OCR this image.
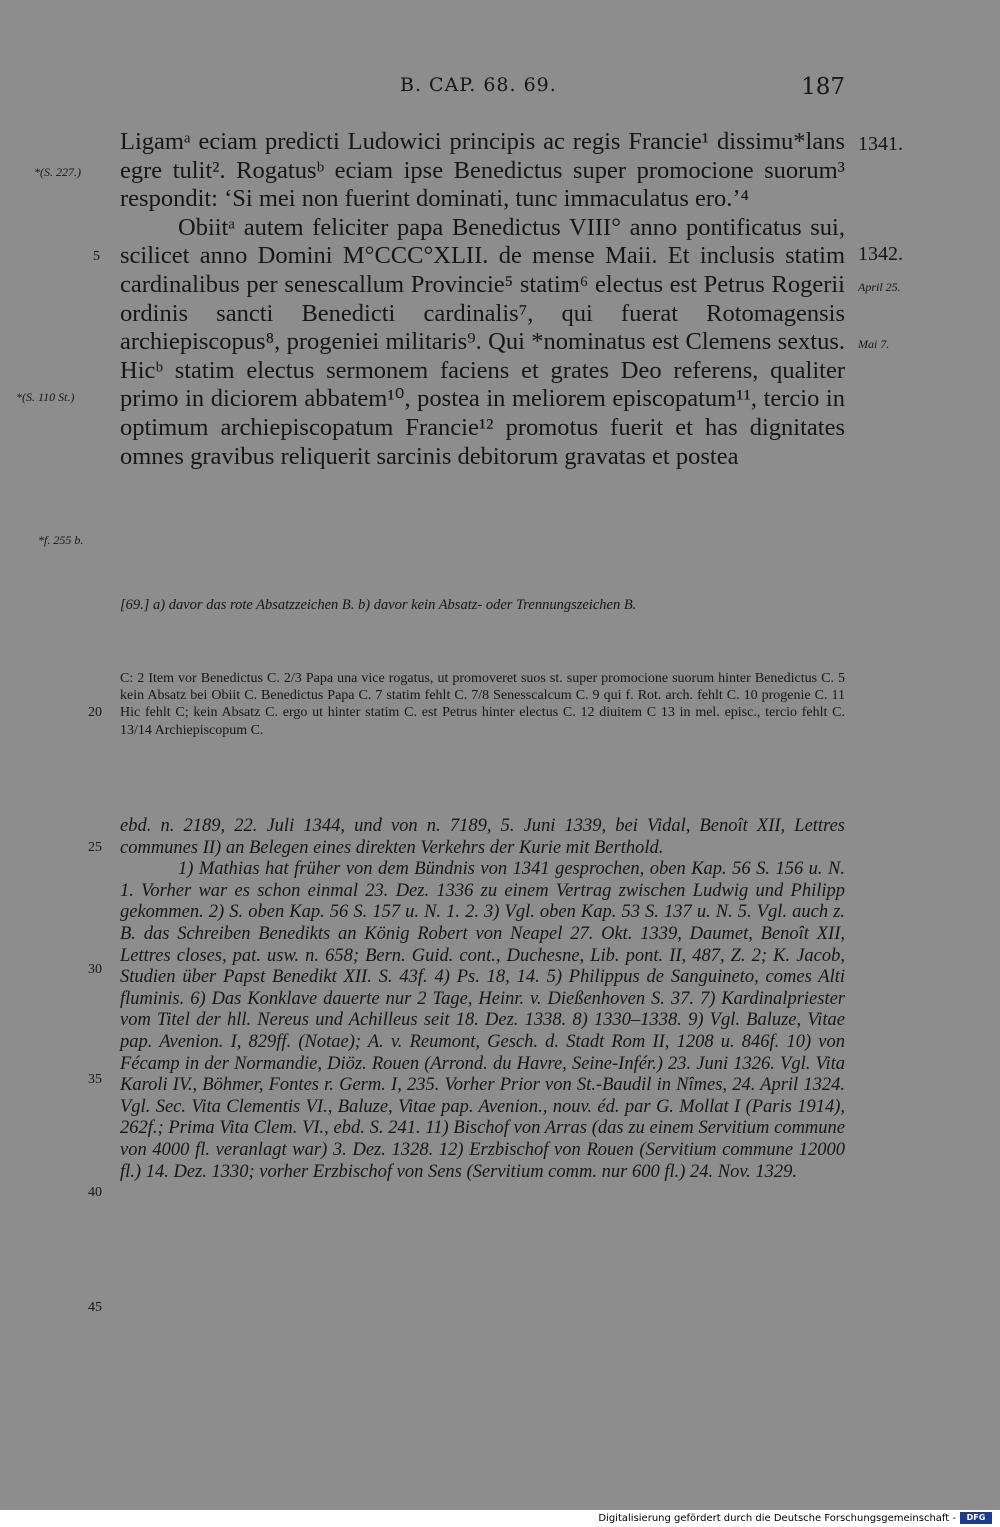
B. CAP. 68. 69.	187
*(S. 227.)
5
*(S. 110 St.)
*f. 255 b.
20
25
30
35
40
45
1341.
1342.
April 25.
Mai 7.

Ligamᵃ eciam predicti Ludowici principis ac regis Francie¹ dissimu*lans egre tulit². Rogatusᵇ eciam ipse Benedictus super promocione suorum³ respondit: ‘Si mei non fuerint dominati, tunc immaculatus ero.’⁴

Obiitᵃ autem feliciter papa Benedictus VIII° anno pontificatus sui, scilicet anno Domini M°CCC°XLII. de mense Maii. Et inclusis statim cardinalibus per senescallum Provincie⁵ statim⁶ electus est Petrus Rogerii ordinis sancti Benedicti cardinalis⁷, qui fuerat Rotomagensis archiepiscopus⁸, progeniei militaris⁹. Qui *nominatus est Clemens sextus. Hicᵇ statim electus sermonem faciens et grates Deo referens, qualiter primo in diciorem abbatem¹⁰, postea in meliorem episcopatum¹¹, tercio in optimum archiepiscopatum Francie¹² promotus fuerit et has dignitates omnes gravibus reliquerit sarcinis debitorum gravatas et postea

[69.] a) davor das rote Absatzzeichen B. b) davor kein Absatz- oder Trennungszeichen B.

C: 2 Item vor Benedictus C. 2/3 Papa una vice rogatus, ut promoveret suos st. super promocione suorum hinter Benedictus C. 5 kein Absatz bei Obiit C. Benedictus Papa C. 7 statim fehlt C. 7/8 Senesscalcum C. 9 qui f. Rot. arch. fehlt C. 10 progenie C. 11 Hic fehlt C; kein Absatz C. ergo ut hinter statim C. est Petrus hinter electus C. 12 diuitem C 13 in mel. episc., tercio fehlt C. 13/14 Archiepiscopum C.

ebd. n. 2189, 22. Juli 1344, und von n. 7189, 5. Juni 1339, bei Vidal, Benoît XII, Lettres communes II) an Belegen eines direkten Verkehrs der Kurie mit Berthold.

1) Mathias hat früher von dem Bündnis von 1341 gesprochen, oben Kap. 56 S. 156 u. N. 1. Vorher war es schon einmal 23. Dez. 1336 zu einem Vertrag zwischen Ludwig und Philipp gekommen. 2) S. oben Kap. 56 S. 157 u. N. 1. 2. 3) Vgl. oben Kap. 53 S. 137 u. N. 5. Vgl. auch z. B. das Schreiben Benedikts an König Robert von Neapel 27. Okt. 1339, Daumet, Benoît XII, Lettres closes, pat. usw. n. 658; Bern. Guid. cont., Duchesne, Lib. pont. II, 487, Z. 2; K. Jacob, Studien über Papst Benedikt XII. S. 43f. 4) Ps. 18, 14. 5) Philippus de Sanguineto, comes Alti fluminis. 6) Das Konklave dauerte nur 2 Tage, Heinr. v. Dießenhoven S. 37. 7) Kardinalpriester vom Titel der hll. Nereus und Achilleus seit 18. Dez. 1338. 8) 1330–1338. 9) Vgl. Baluze, Vitae pap. Avenion. I, 829ff. (Notae); A. v. Reumont, Gesch. d. Stadt Rom II, 1208 u. 846f. 10) von Fécamp in der Normandie, Diöz. Rouen (Arrond. du Havre, Seine-Infér.) 23. Juni 1326. Vgl. Vita Karoli IV., Böhmer, Fontes r. Germ. I, 235. Vorher Prior von St.-Baudil in Nîmes, 24. April 1324. Vgl. Sec. Vita Clementis VI., Baluze, Vitae pap. Avenion., nouv. éd. par G. Mollat I (Paris 1914), 262f.; Prima Vita Clem. VI., ebd. S. 241. 11) Bischof von Arras (das zu einem Servitium commune von 4000 fl. veranlagt war) 3. Dez. 1328. 12) Erzbischof von Rouen (Servitium commune 12000 fl.) 14. Dez. 1330; vorher Erzbischof von Sens (Servitium comm. nur 600 fl.) 24. Nov. 1329.

Digitalisierung gefördert durch die Deutsche Forschungsgemeinschaft -	DFG
